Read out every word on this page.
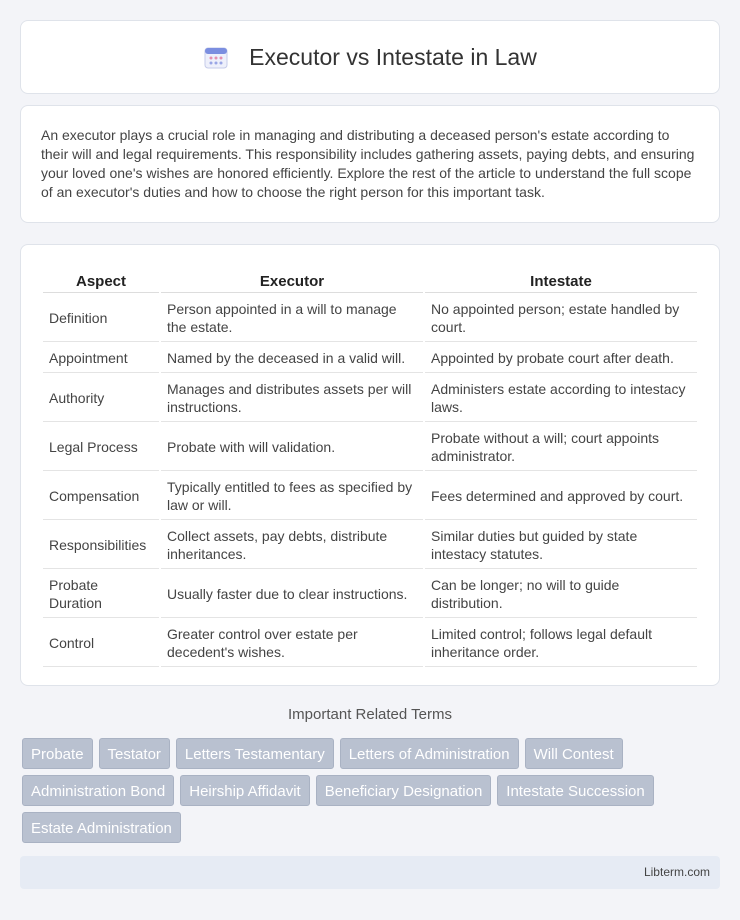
Executor vs Intestate in Law

An executor plays a crucial role in managing and distributing a deceased person's estate according to their will and legal requirements. This responsibility includes gathering assets, paying debts, and ensuring your loved one's wishes are honored efficiently. Explore the rest of the article to understand the full scope of an executor's duties and how to choose the right person for this important task.

Aspect	Executor	Intestate
Definition	Person appointed in a will to manage the estate.	No appointed person; estate handled by court.
Appointment	Named by the deceased in a valid will.	Appointed by probate court after death.
Authority	Manages and distributes assets per will instructions.	Administers estate according to intestacy laws.
Legal Process	Probate with will validation.	Probate without a will; court appoints administrator.
Compensation	Typically entitled to fees as specified by law or will.	Fees determined and approved by court.
Responsibilities	Collect assets, pay debts, distribute inheritances.	Similar duties but guided by state intestacy statutes.
Probate Duration	Usually faster due to clear instructions.	Can be longer; no will to guide distribution.
Control	Greater control over estate per decedent's wishes.	Limited control; follows legal default inheritance order.
Important Related Terms
Probate	Testator	Letters Testamentary	Letters of Administration	Will Contest
Administration Bond	Heirship Affidavit	Beneficiary Designation	Intestate Succession
Estate Administration
Libterm.com
